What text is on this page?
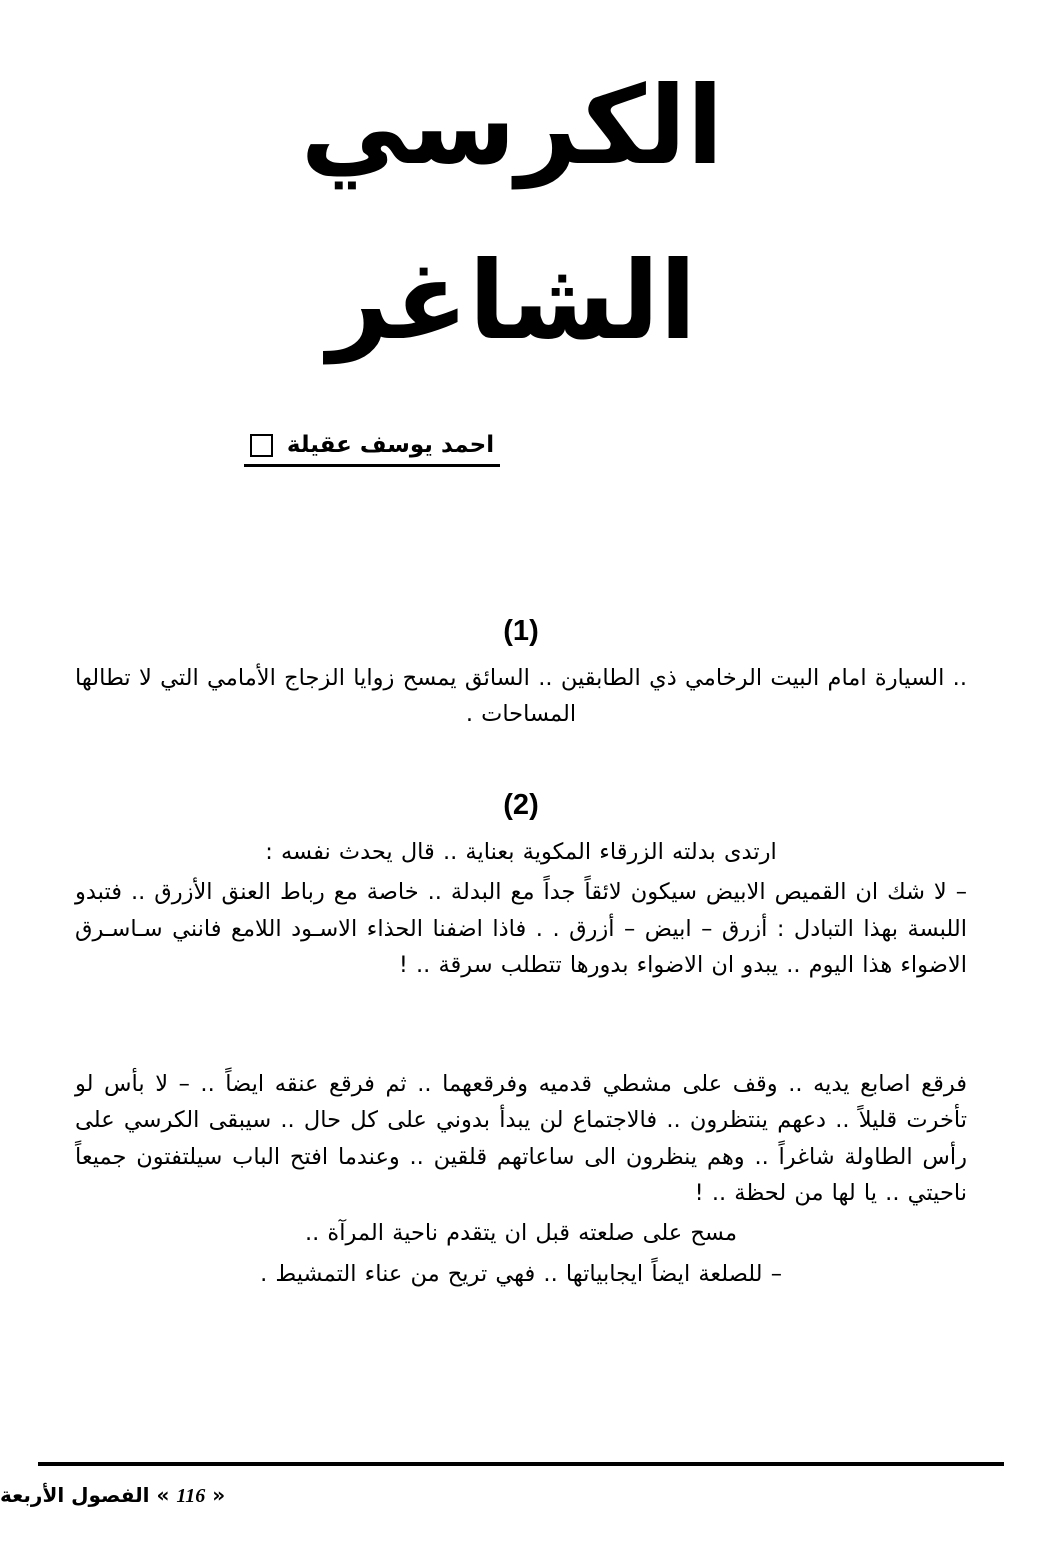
الكرسي
الشاغر
احمد يوسف عقيلة
(1)

.. السيارة امام البيت الرخامي ذي الطابقين .. السائق يمسح زوايا الزجاج الأمامي التي لا تطالها المساحات .

(2)

ارتدى بدلته الزرقاء المكوية بعناية .. قال يحدث نفسه :

– لا شك ان القميص الابيض سيكون لائقاً جداً مع البدلة .. خاصة مع رباط العنق الأزرق .. فتبدو اللبسة بهذا التبادل : أزرق – ابيض – أزرق . . فاذا اضفنا الحذاء الاسـود اللامع فانني سـاسـرق الاضواء هذا اليوم .. يبدو ان الاضواء بدورها تتطلب سرقة .. !

فرقع اصابع يديه .. وقف على مشطي قدميه وفرقعهما .. ثم فرقع عنقه ايضاً .. – لا بأس لو تأخرت قليلاً .. دعهم ينتظرون .. فالاجتماع لن يبدأ بدوني على كل حال .. سيبقى الكرسي على رأس الطاولة شاغراً .. وهم ينظرون الى ساعاتهم قلقين .. وعندما افتح الباب سيلتفتون جميعاً ناحيتي .. يا لها من لحظة .. !

مسح على صلعته قبل ان يتقدم ناحية المرآة ..

– للصلعة ايضاً ايجابياتها .. فهي تريح من عناء التمشيط .

« 116 » الفصول الأربعة
